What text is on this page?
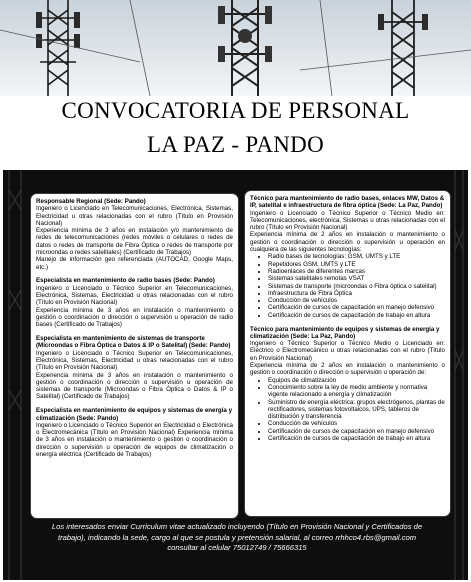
CONVOCATORIA DE PERSONAL
LA PAZ - PANDO
Responsable Regional (Sede: Pando)
Ingeniero o Licenciado en Telecomunicaciones, Electrónica, Sistemas, Electricidad u otras relacionadas con el rubro (Título en Provisión Nacional)
Experiencia mínima de 3 años en instalación y/o mantenimiento de redes de telecomunicaciones (redes móviles o celulares o redes de datos o redes de transporte de Fibra Óptica o redes de transporte por microondas o redes satelitales) (Certificado de Trabajos)
Manejo de información geo referenciada (AUTOCAD, Google Maps, etc.)
Especialista en mantenimiento de radio bases (Sede: Pando)
Ingeniero o Licenciado o Técnico Superior en Telecomunicaciones, Electrónica, Sistemas, Electricidad u otras relacionadas con el rubro (Título en Provisión Nacional)
Experiencia mínima de 3 años en instalación o mantenimiento o gestión o coordinación o dirección o supervisión u operación de radio bases (Certificado de Trabajos)
Especialista en mantenimiento de sistemas de transporte (Microondas o Fibra Óptica o Datos & IP o Satelital) (Sede: Pando)
Ingeniero o Licenciado o Técnico Superior en Telecomunicaciones, Electrónica, Sistemas, Electricidad u otras relacionadas con el rubro (Título en Provisión Nacional)
Experiencia mínima de 3 años en instalación o mantenimiento o gestión o coordinación o dirección o supervisión u operación de sistemas de transporte (Microondas o Fibra Óptica o Datos & IP o Satelital) (Certificado de Trabajos)
Especialista en mantenimiento de equipos y sistemas de energía y climatización (Sede: Pando)
Ingeniero o Licenciado o Técnico Superior en Electricidad o Electrónica o Electromecánica (Título en Provisión Nacional) Experiencia mínima de 3 años en instalación o mantenimiento o gestión o coordinación o dirección o supervisión u operación de equipos de climatización o energía eléctrica (Certificado de Trabajos)
Técnico para mantenimiento de radio bases, enlaces MW, Datos & IP, satelital e infraestructura de fibra óptica (Sede: La Paz, Pando)
Ingeniero o Licenciado o Técnico Superior o Técnico Medio en: Telecomunicaciones, electrónica, Sistemas u otras relacionadas con el rubro (Título en Provisión Nacional)
Experiencia mínima de 2 años en instalación o mantenimiento o gestión o coordinación o dirección o supervisión u operación en cualquiera de las siguientes tecnologías:
• Radio bases de tecnologías: GSM, UMTS y LTE
• Repetidores GSM, UMTS y LTE
• Radioenlaces de diferentes marcas
• Sistemas satelitales remotas VSAT
• Sistemas de transporte (microondas o Fibra óptica o satelital)
• Infraestructura de Fibra Óptica
• Conducción de vehículos
• Certificación de cursos de capacitación en manejo defensivo
• Certificación de cursos de capacitación de trabajo en altura
Técnico para mantenimiento de equipos y sistemas de energía y climatización (Sede: La Paz, Pando)
Ingeniero o Técnico Superior o Técnico Medio o Licenciado en: Eléctrico o Electromecánico u otras relacionadas con el rubro (Título en Provisión Nacional)
Experiencia mínima de 2 años en instalación o mantenimiento o gestión o coordinación o dirección o supervisión u operación de:
• Equipos de climatización
• Conocimiento sobre la ley de medio ambiente y normativa vigente relacionado a energía y climatización
• Suministro de energía eléctrica: grupos electrógenos, plantas de rectificadores, sistemas fotovoltaicos, UPS, tableros de distribución y transferencia
• Conducción de vehículos
• Certificación de cursos de capacitación en manejo defensivo
• Certificación de cursos de capacitación de trabajo en altura
Los interesados enviar Curriculum vitae actualizado incluyendo (Título en Provisión Nacional y Certificados de
trabajo), indicando la sede, cargo al que se postula y pretensión salarial, al correo rrhhco4.rbs@gmail.com
consultar al celular 75012749 / 75666315
